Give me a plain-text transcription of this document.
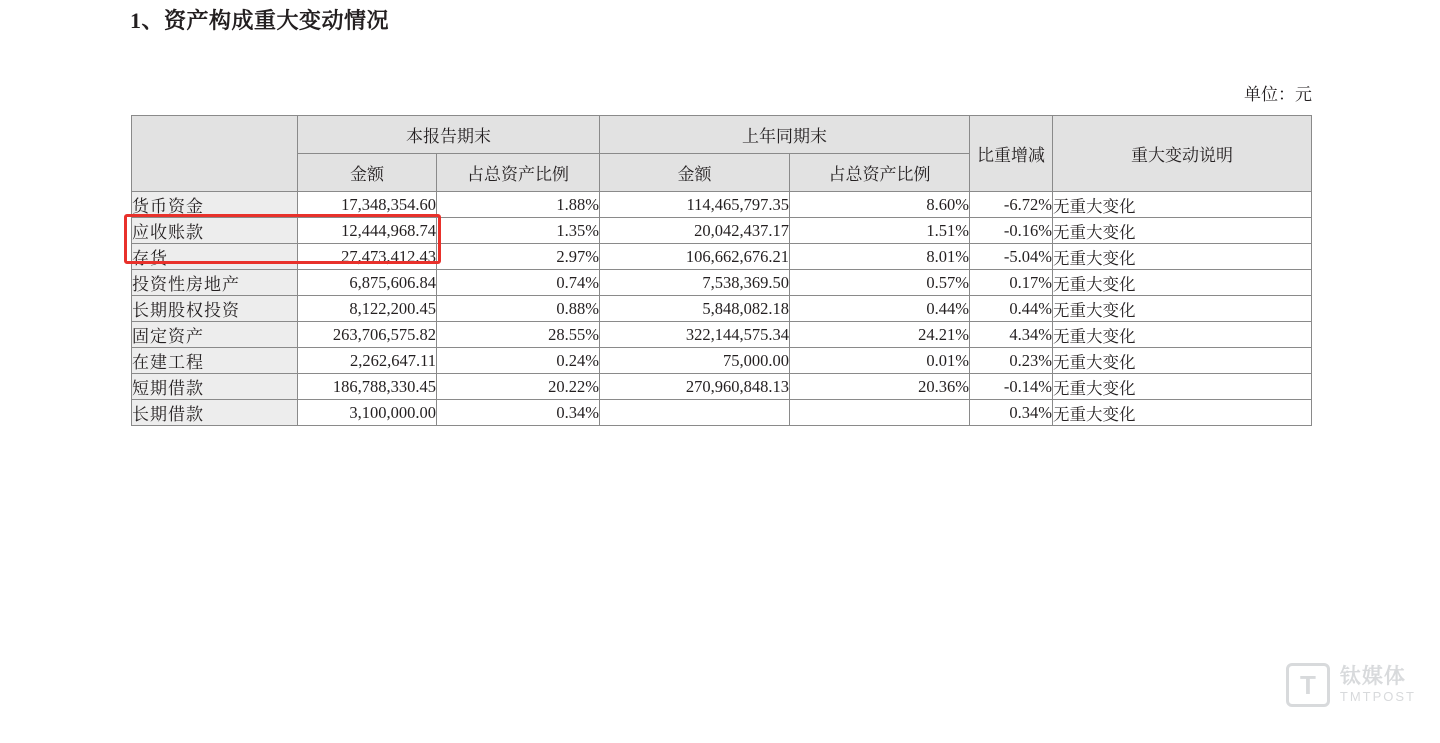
1、资产构成重大变动情况
单位：元
	本报告期末		上年同期末		比重增减	重大变动说明
	金额	占总资产比例	金额	占总资产比例		
货币资金	17,348,354.60	1.88%	114,465,797.35	8.60%	-6.72%	无重大变化
应收账款	12,444,968.74	1.35%	20,042,437.17	1.51%	-0.16%	无重大变化
存货	27,473,412.43	2.97%	106,662,676.21	8.01%	-5.04%	无重大变化
投资性房地产	6,875,606.84	0.74%	7,538,369.50	0.57%	0.17%	无重大变化
长期股权投资	8,122,200.45	0.88%	5,848,082.18	0.44%	0.44%	无重大变化
固定资产	263,706,575.82	28.55%	322,144,575.34	24.21%	4.34%	无重大变化
在建工程	2,262,647.11	0.24%	75,000.00	0.01%	0.23%	无重大变化
短期借款	186,788,330.45	20.22%	270,960,848.13	20.36%	-0.14%	无重大变化
长期借款	3,100,000.00	0.34%			0.34%	无重大变化
T
钛媒体
TMTPOST
